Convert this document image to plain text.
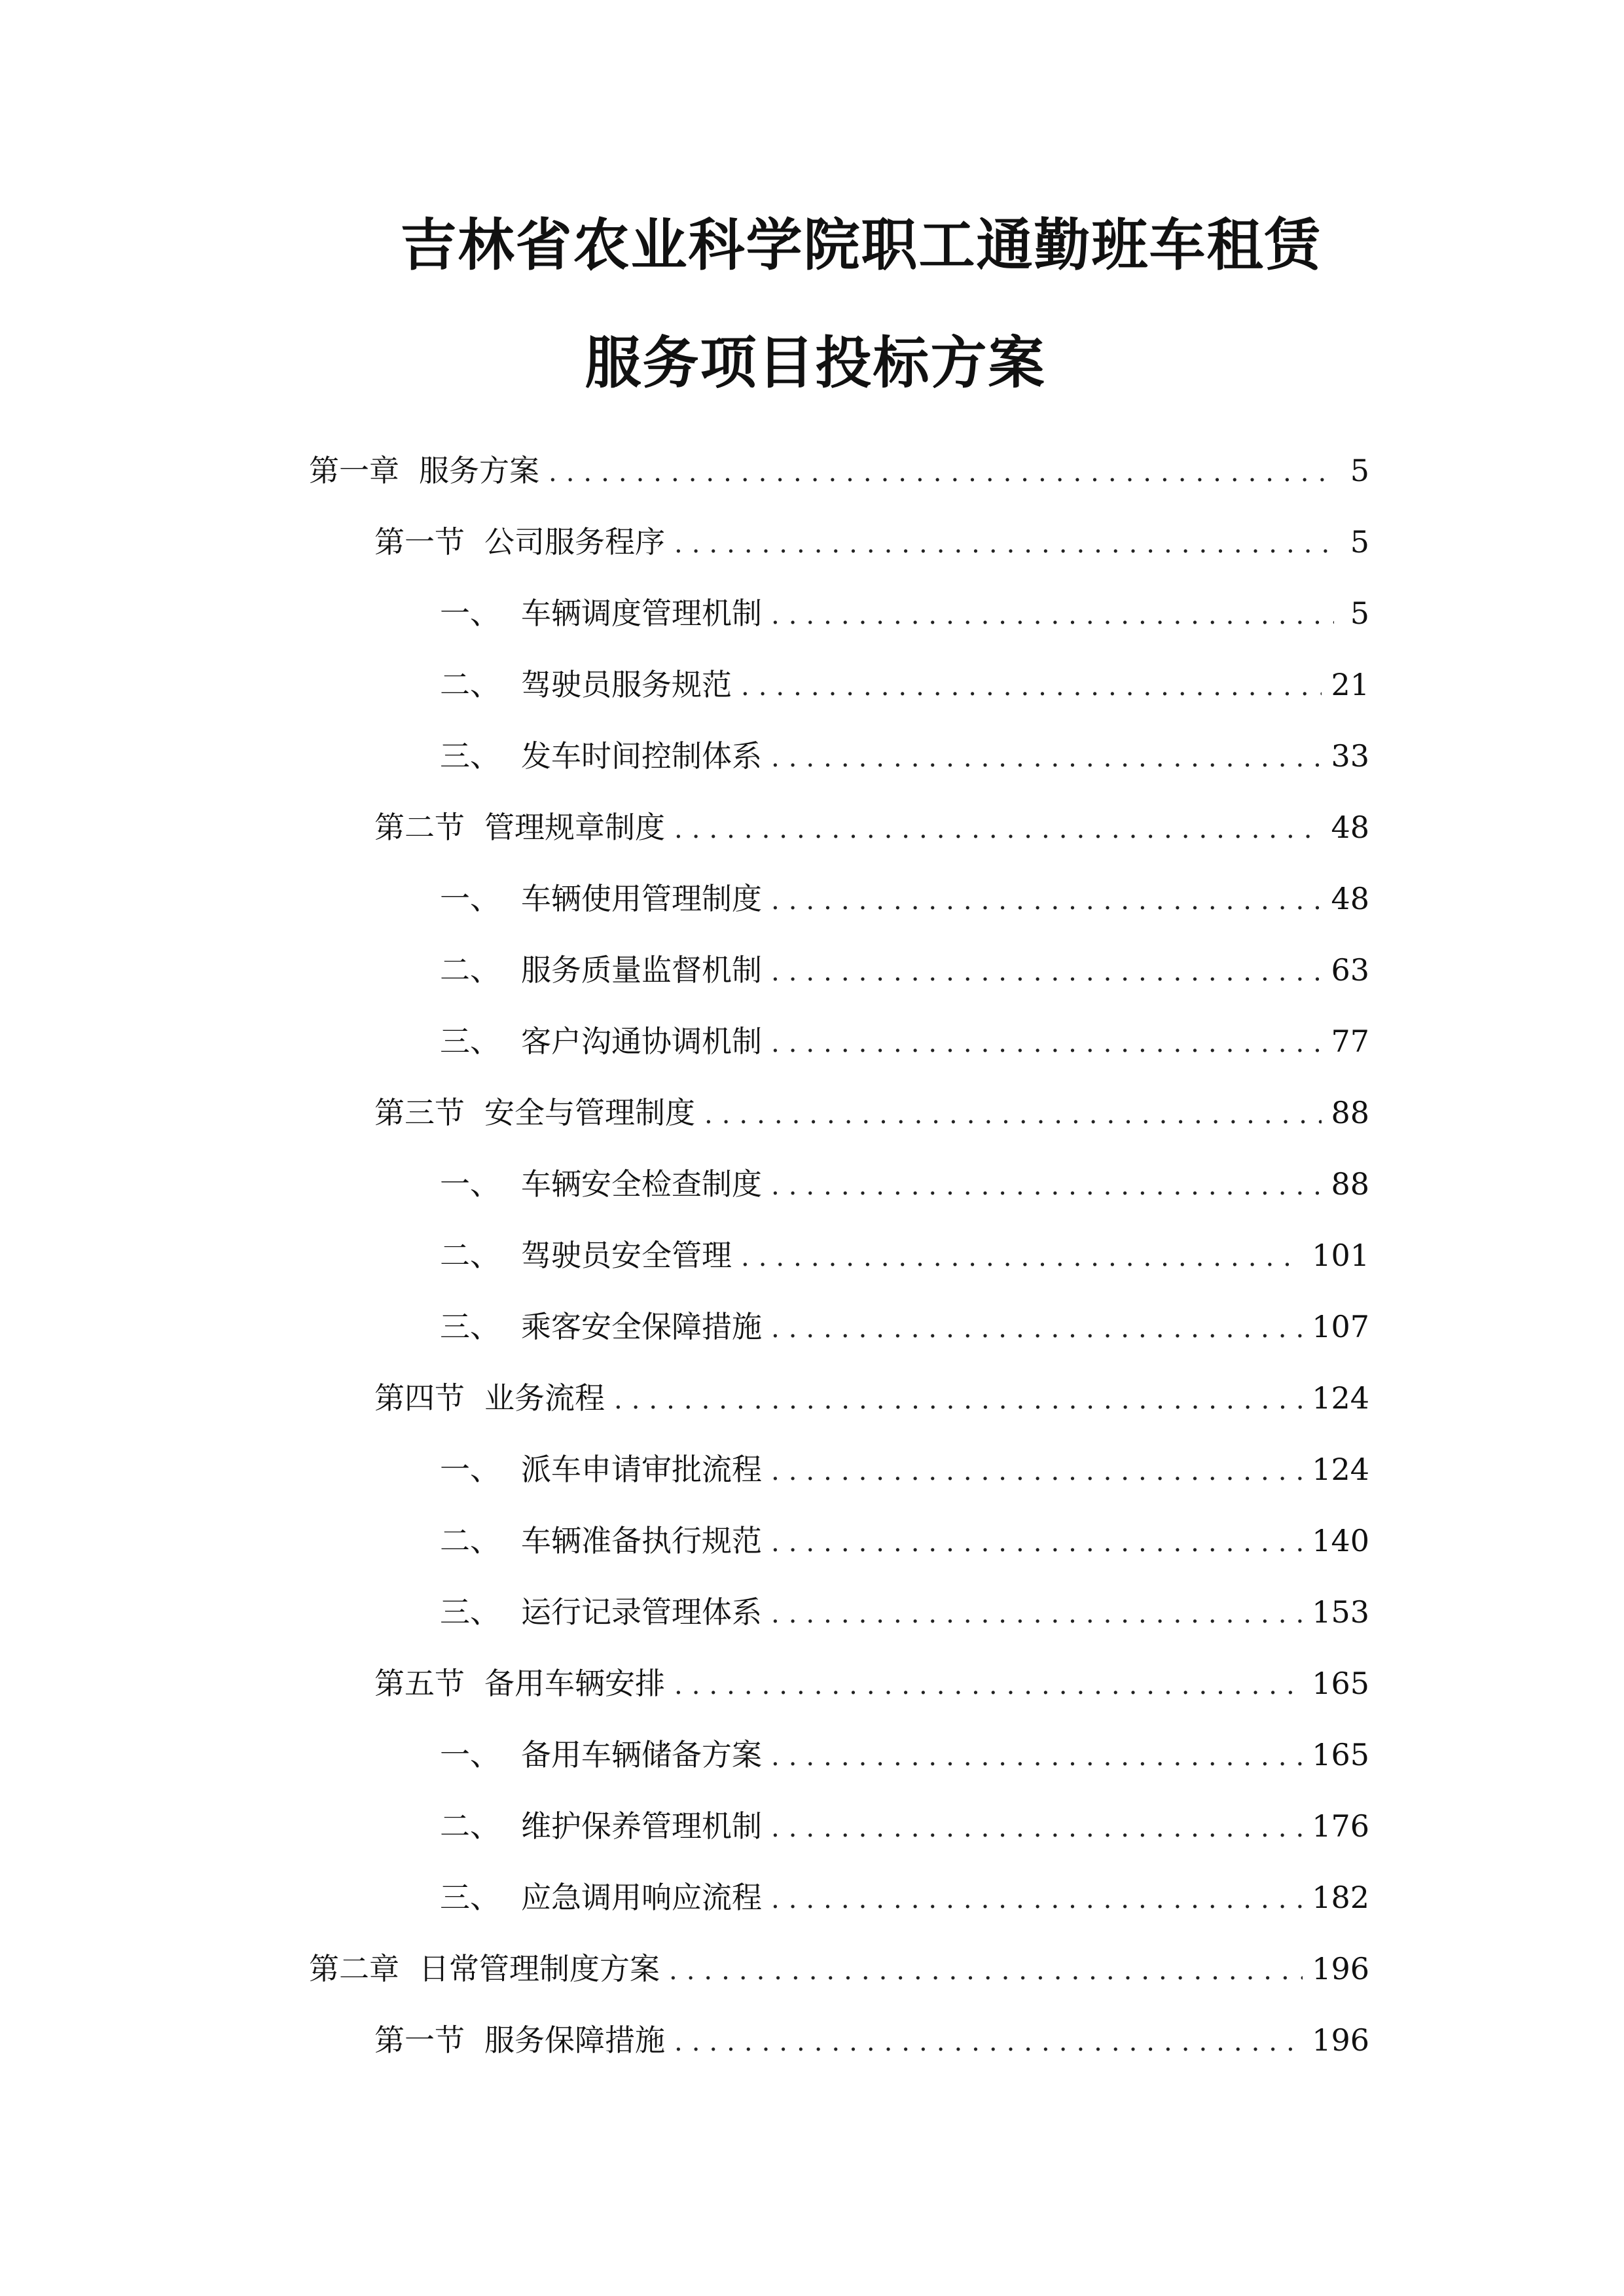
吉林省农业科学院职工通勤班车租赁
服务项目投标方案
第一章 服务方案 .....	5
第一节 公司服务程序 .....	5
一、 车辆调度管理机制 .....	5
二、 驾驶员服务规范 .....	21
三、 发车时间控制体系 .....	33
第二节 管理规章制度 .....	48
一、 车辆使用管理制度 .....	48
二、 服务质量监督机制 .....	63
三、 客户沟通协调机制 .....	77
第三节 安全与管理制度 .....	88
一、 车辆安全检查制度 .....	88
二、 驾驶员安全管理 .....	101
三、 乘客安全保障措施 .....	107
第四节 业务流程 .....	124
一、 派车申请审批流程 .....	124
二、 车辆准备执行规范 .....	140
三、 运行记录管理体系 .....	153
第五节 备用车辆安排 .....	165
一、 备用车辆储备方案 .....	165
二、 维护保养管理机制 .....	176
三、 应急调用响应流程 .....	182
第二章 日常管理制度方案 .....	196
第一节 服务保障措施 .....	196
